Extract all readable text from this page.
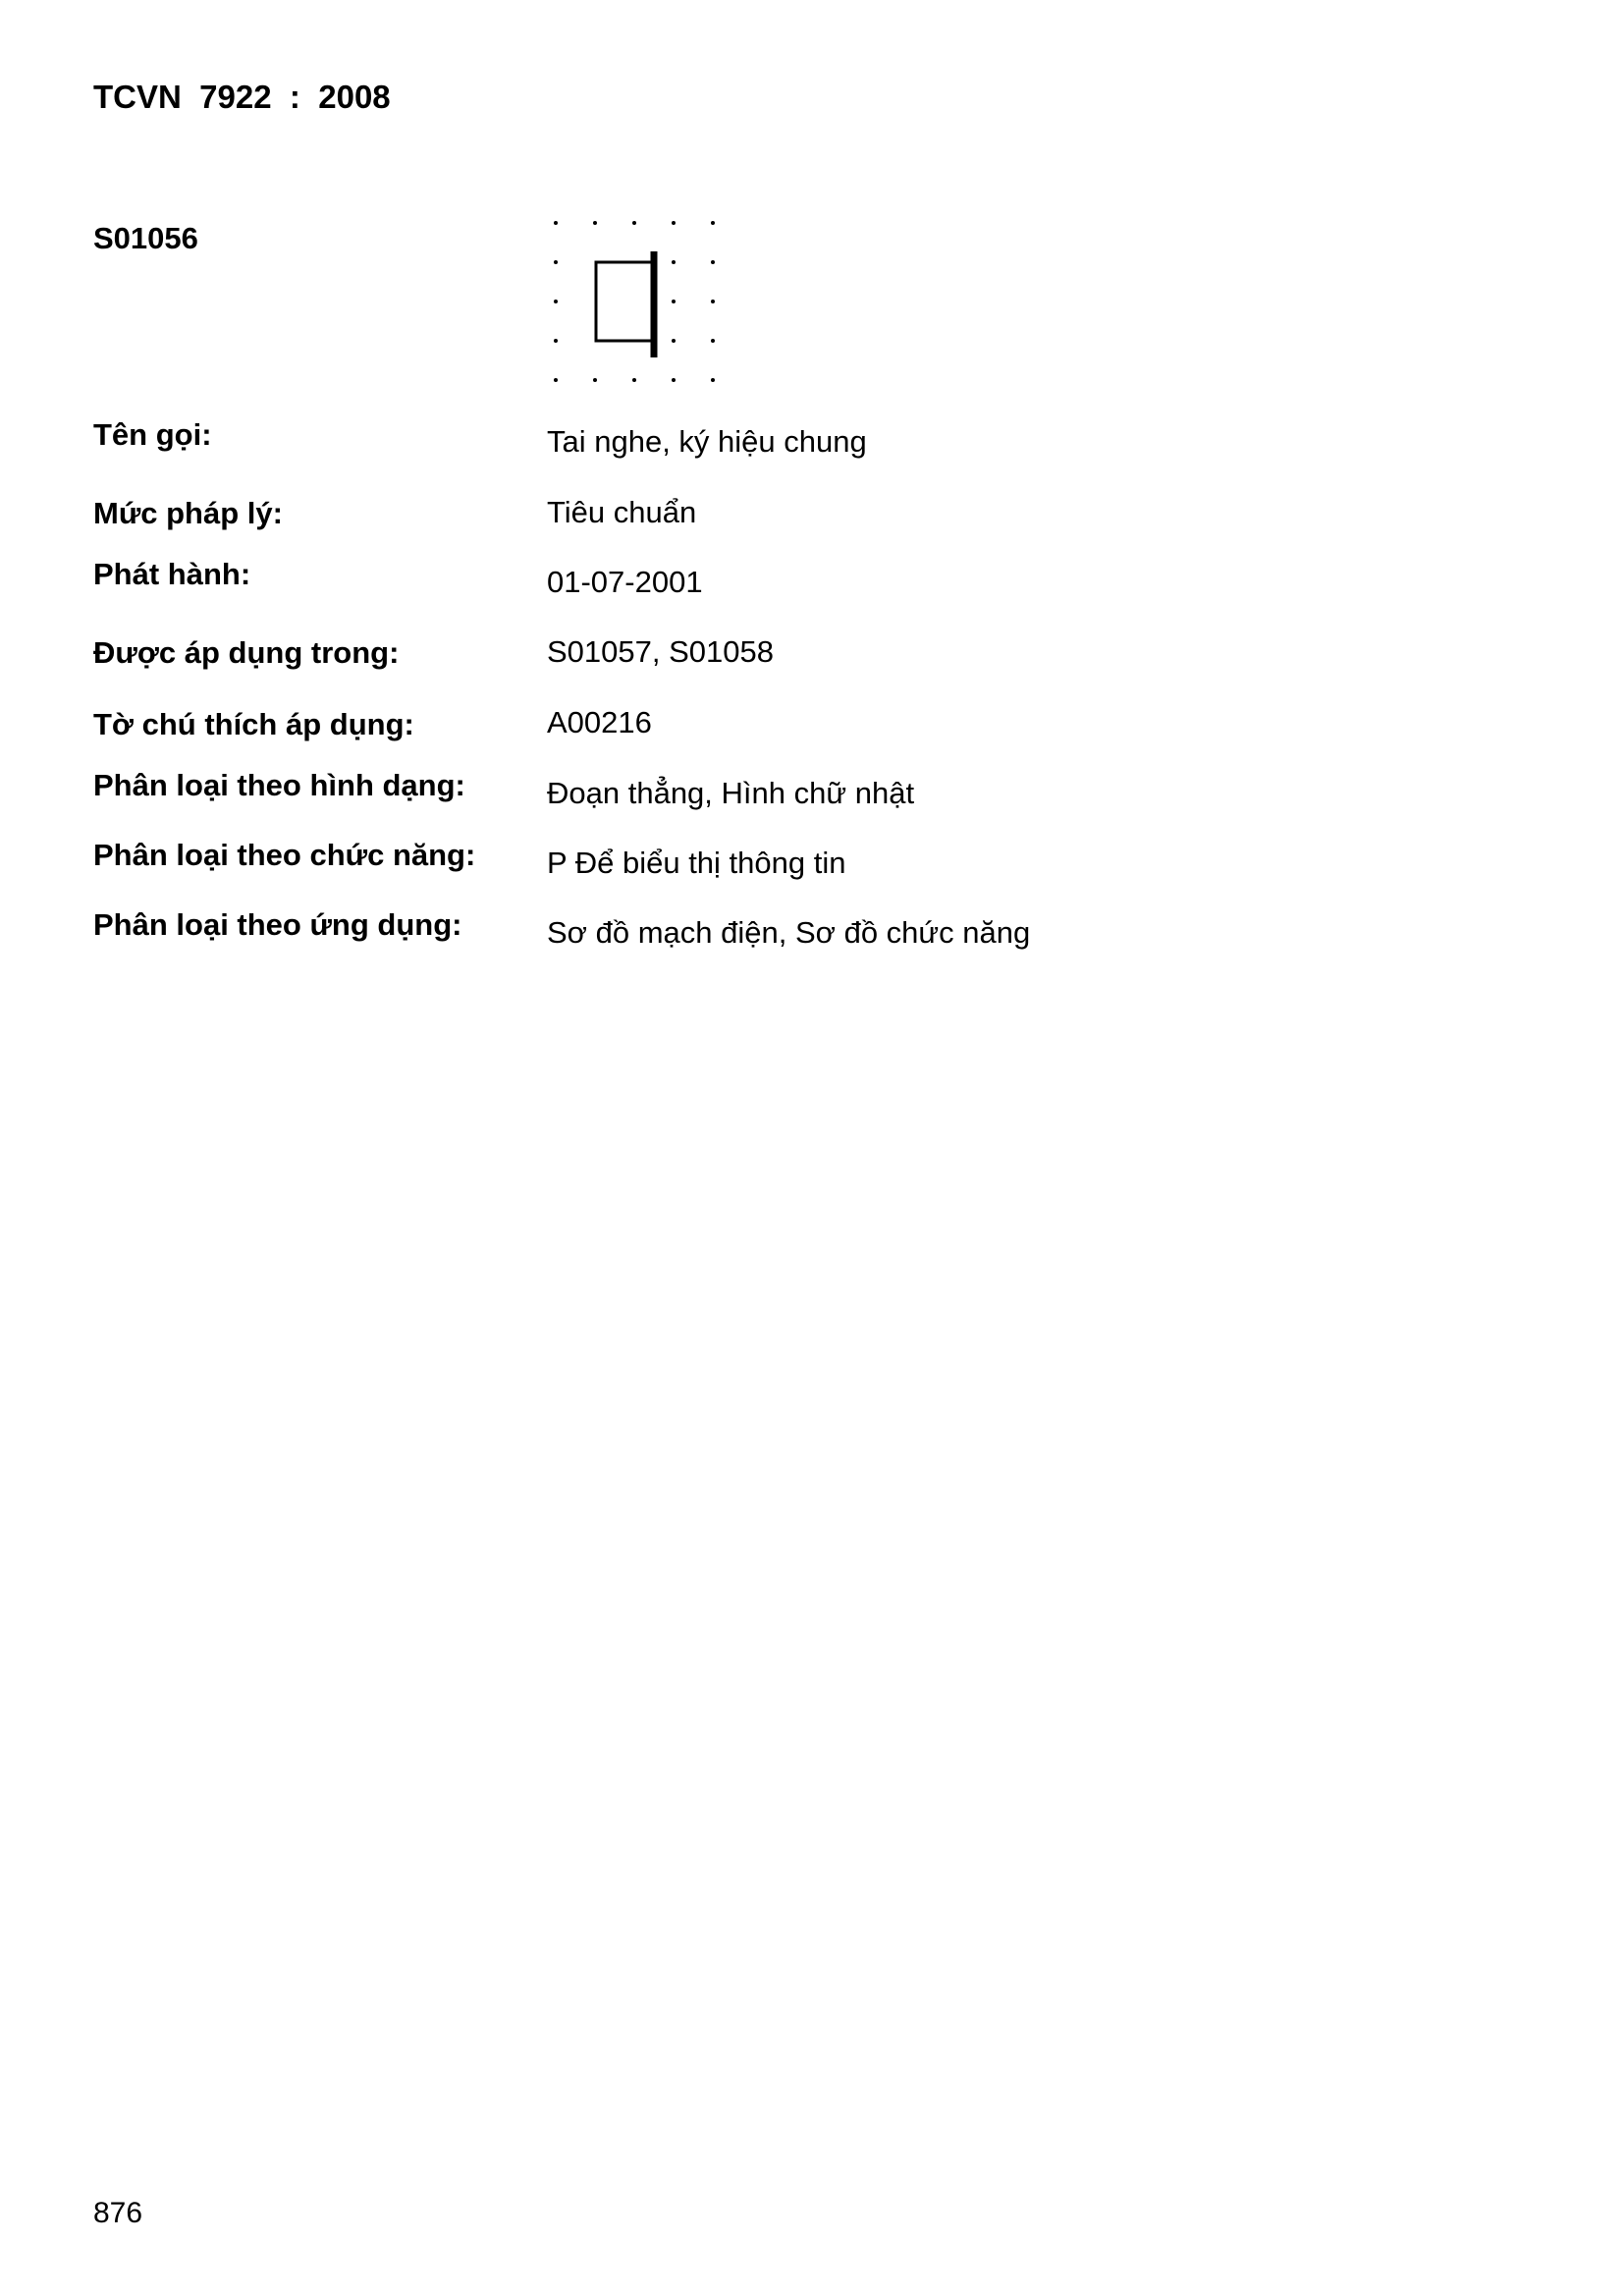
TCVN  7922  :  2008
S01056
Tên gọi:	Tai nghe, ký hiệu chung
Mức pháp lý:	Tiêu chuẩn
Phát hành:	01-07-2001
Được áp dụng trong:	S01057, S01058
Tờ chú thích áp dụng:	A00216
Phân loại theo hình dạng:	Đoạn thẳng, Hình chữ nhật
Phân loại theo chức năng: P Để biểu thị thông tin
Phân loại theo ứng dụng:	Sơ đồ mạch điện, Sơ đồ chức năng
876
